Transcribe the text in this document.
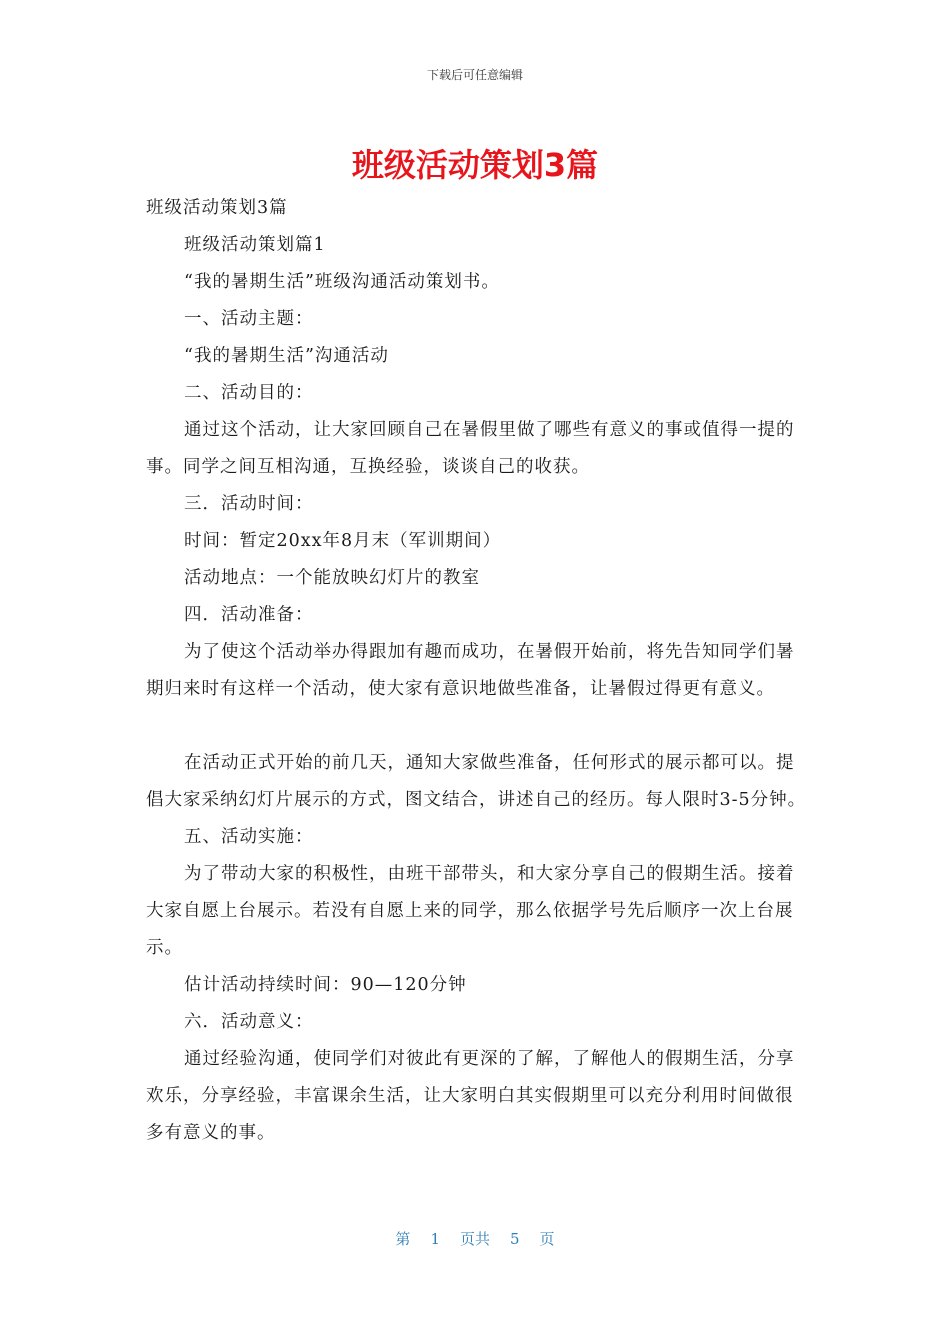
下载后可任意编辑
班级活动策划3篇

班级活动策划3篇

班级活动策划篇1

“我的暑期生活”班级沟通活动策划书。

一、活动主题：

“我的暑期生活”沟通活动

二、活动目的：

通过这个活动，让大家回顾自己在暑假里做了哪些有意义的事或值得一提的事。同学之间互相沟通，互换经验，谈谈自己的收获。

三．活动时间：

时间：暂定20xx年8月末（军训期间）

活动地点：一个能放映幻灯片的教室

四．活动准备：

为了使这个活动举办得跟加有趣而成功，在暑假开始前，将先告知同学们暑期归来时有这样一个活动，使大家有意识地做些准备，让暑假过得更有意义。

在活动正式开始的前几天，通知大家做些准备，任何形式的展示都可以。提倡大家采纳幻灯片展示的方式，图文结合，讲述自己的经历。每人限时3-5分钟。

五、活动实施：

为了带动大家的积极性，由班干部带头，和大家分享自己的假期生活。接着大家自愿上台展示。若没有自愿上来的同学，那么依据学号先后顺序一次上台展示。

估计活动持续时间：90—120分钟

六．活动意义：

通过经验沟通，使同学们对彼此有更深的了解，了解他人的假期生活，分享欢乐，分享经验，丰富课余生活，让大家明白其实假期里可以充分利用时间做很多有意义的事。

第 1 页共 5 页
